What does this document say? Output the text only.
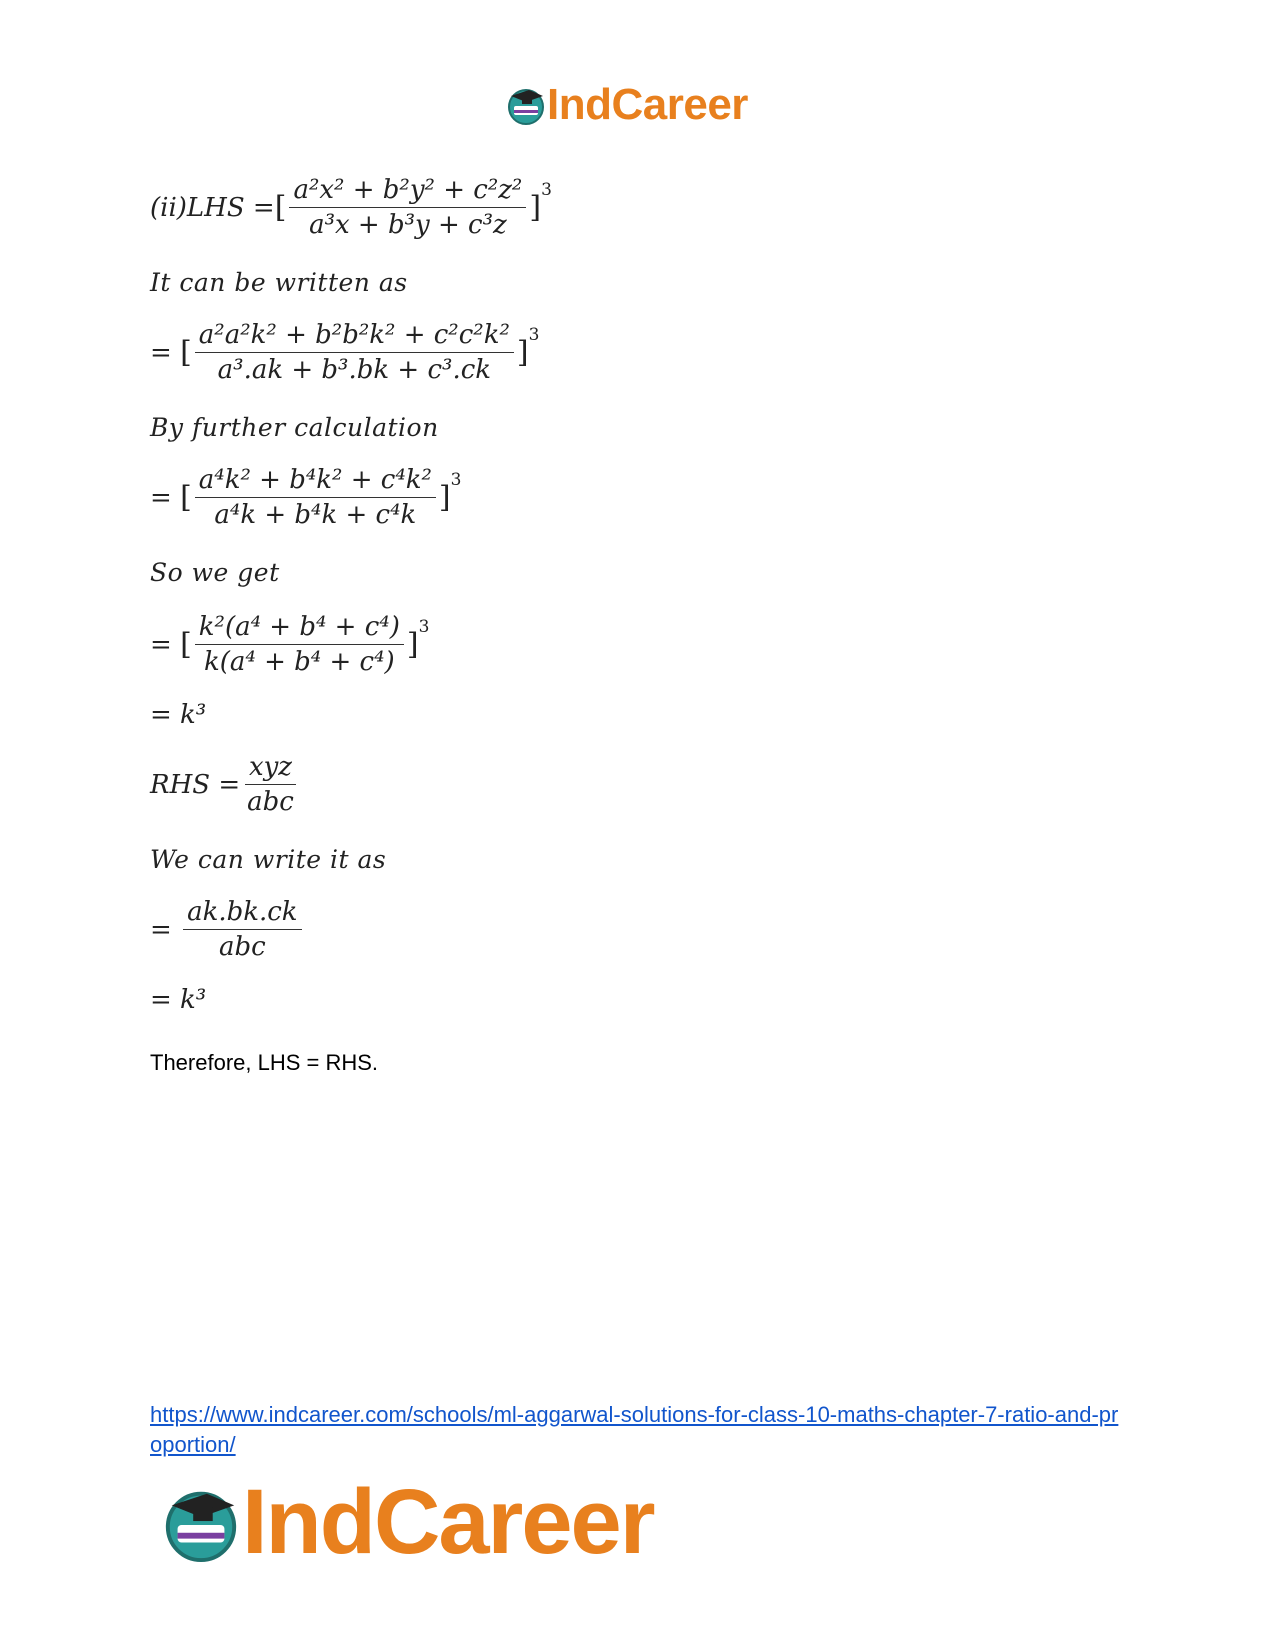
IndCareer
(ii)LHS = [ $\frac{\text{a²x² + b²y² + c²z²}}{\text{a³x + b³y + c³z}}$ ]
3
It can be written as
= [ $\frac{\text{a²a²k² + b²b²k² + c²c²k²}}{\text{a³.ak + b³.bk + c³.ck}}$ ]
3
By further calculation
= [ $\frac{\text{a⁴k² + b⁴k² + c⁴k²}}{\text{a⁴k + b⁴k + c⁴k}}$ ]
3
So we get
= [ $\frac{\text{k²(a⁴ + b⁴ + c⁴)}}{\text{k(a⁴ + b⁴ + c⁴)}}$ ]
3
= k³
RHS = $\frac{\text{xyz}}{\text{abc}}$
We can write it as
= $\frac{ak.bk.ck}{\text{abc}}$
= k³
Therefore, LHS = RHS.
https://www.indcareer.com/schools/ml-aggarwal-solutions-for-class-10-maths-chapter-7-ratio-and-proportion/
IndCareer
